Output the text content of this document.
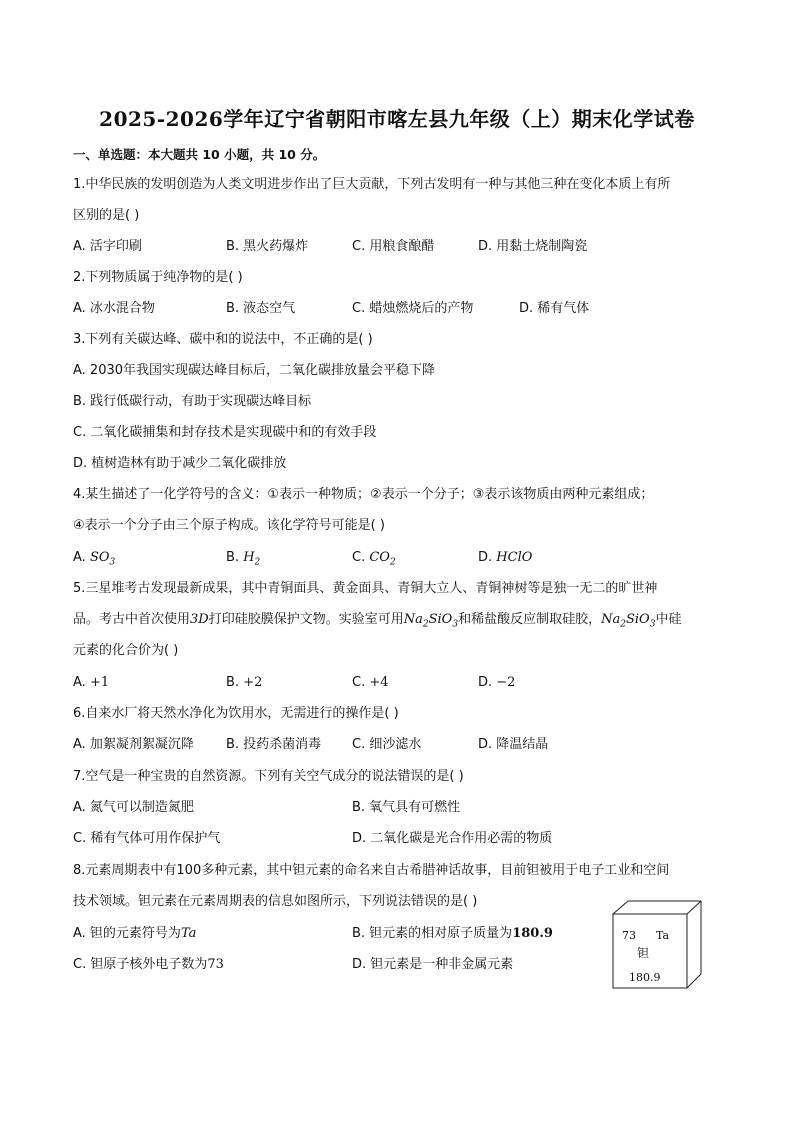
2025-2026学年辽宁省朝阳市喀左县九年级（上）期末化学试卷
一、单选题：本大题共 10 小题，共 10 分。
1.中华民族的发明创造为人类文明进步作出了巨大贡献，下列古发明有一种与其他三种在变化本质上有所
区别的是( )
A. 活字印刷	B. 黑火药爆炸	C. 用粮食酿醋	D. 用黏土烧制陶瓷
2.下列物质属于纯净物的是( )
A. 冰水混合物	B. 液态空气	C. 蜡烛燃烧后的产物	D. 稀有气体
3.下列有关碳达峰、碳中和的说法中，不正确的是( )
A. 2030年我国实现碳达峰目标后，二氧化碳排放量会平稳下降
B. 践行低碳行动，有助于实现碳达峰目标
C. 二氧化碳捕集和封存技术是实现碳中和的有效手段
D. 植树造林有助于减少二氧化碳排放
4.某生描述了一化学符号的含义：①表示一种物质；②表示一个分子；③表示该物质由两种元素组成；
④表示一个分子由三个原子构成。该化学符号可能是( )
A. $SO_3$	B. $H_2$	C. $CO_2$	D. HClO
5.三星堆考古发现最新成果，其中青铜面具、黄金面具、青铜大立人、青铜神树等是独一无二的旷世神
品。考古中首次使用3D打印硅胶膜保护文物。实验室可用$Na_2SiO_3$和稀盐酸反应制取硅胶，$Na_2SiO_3$中硅
元素的化合价为( )
A. +1	B. +2	C. +4	D. −2
6.自来水厂将天然水净化为饮用水，无需进行的操作是( )
A. 加絮凝剂絮凝沉降 B. 投药杀菌消毒 C. 细沙滤水	D. 降温结晶
7.空气是一种宝贵的自然资源。下列有关空气成分的说法错误的是( )
A. 氮气可以制造氮肥	B. 氧气具有可燃性
C. 稀有气体可用作保护气	D. 二氧化碳是光合作用必需的物质
8.元素周期表中有100多种元素，其中钽元素的命名来自古希腊神话故事，目前钽被用于电子工业和空间
技术领域。钽元素在元素周期表的信息如图所示，下列说法错误的是( )
A. 钽的元素符号为Ta	B. 钽元素的相对原子质量为180.9
C. 钽原子核外电子数为73	D. 钽元素是一种非金属元素
73 Ta
钽
180.9
